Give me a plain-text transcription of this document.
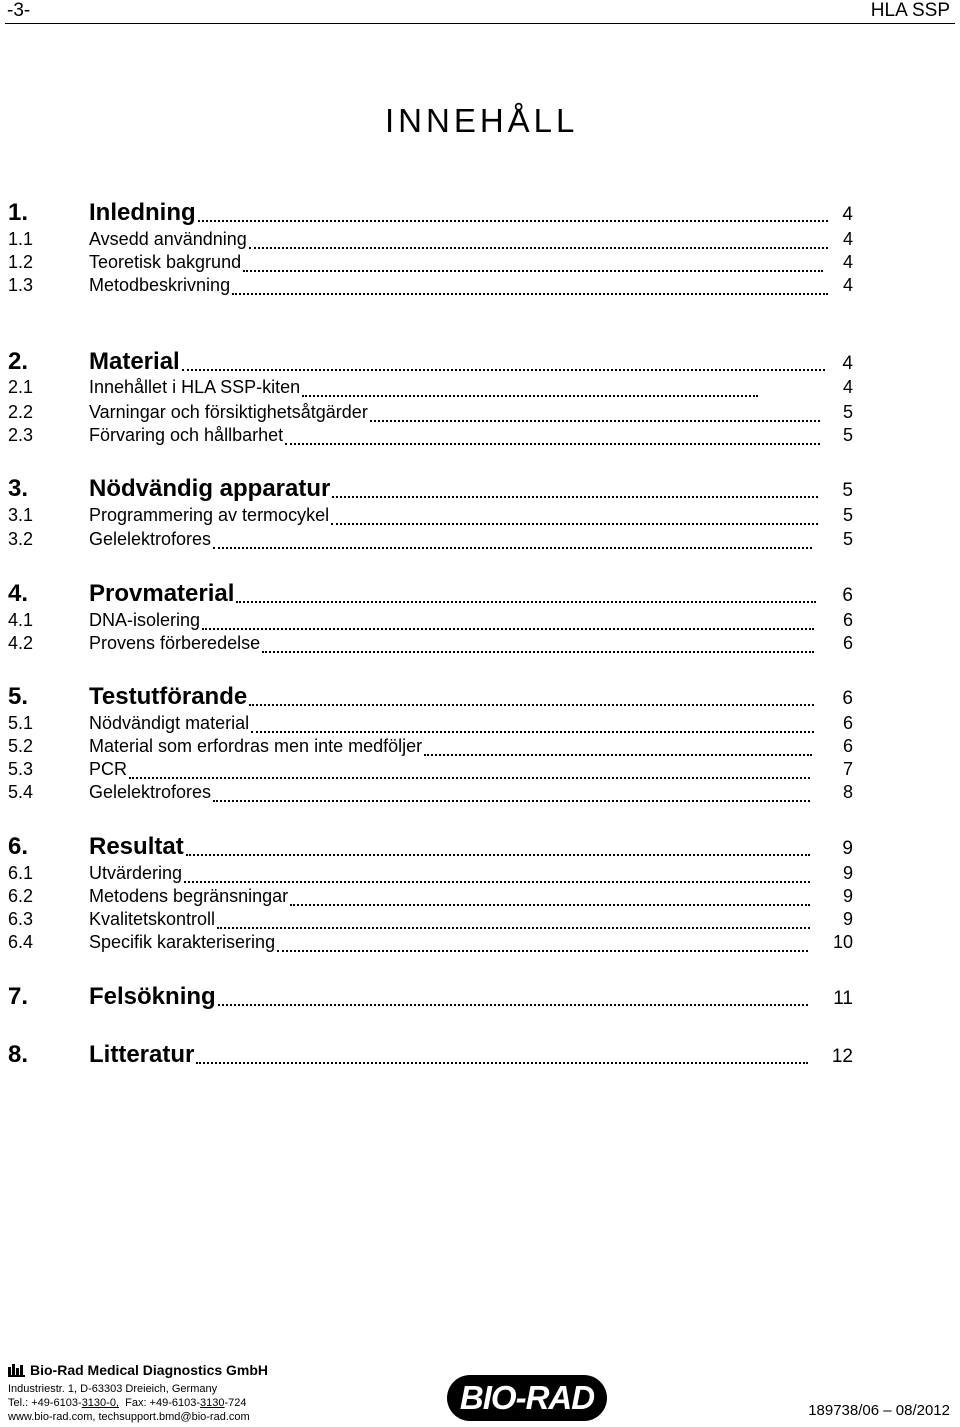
-3-	HLA SSP
INNEHÅLL
1.	Inledning	4
1.1	Avsedd användning	4
1.2	Teoretisk bakgrund	4
1.3	Metodbeskrivning	4
2.	Material	4
2.1	Innehållet i HLA SSP-kiten	4
2.2	Varningar och försiktighetsåtgärder	5
2.3	Förvaring och hållbarhet	5
3.	Nödvändig apparatur	5
3.1	Programmering av termocykel	5
3.2	Gelelektrofores	5
4.	Provmaterial	6
4.1	DNA-isolering	6
4.2	Provens förberedelse	6
5.	Testutförande	6
5.1	Nödvändigt material	6
5.2	Material som erfordras men inte medföljer	6
5.3	PCR	7
5.4	Gelelektrofores	8
6.	Resultat	9
6.1	Utvärdering	9
6.2	Metodens begränsningar	9
6.3	Kvalitetskontroll	9
6.4	Specifik karakterisering	10
7.	Felsökning	11
8.	Litteratur	12
Bio-Rad Medical Diagnostics GmbH
Industriestr. 1, D-63303 Dreieich, Germany
Tel.: +49-6103-3130-0,  Fax: +49-6103-3130-724
www.bio-rad.com, techsupport.bmd@bio-rad.com
BIO-RAD	189738/06 – 08/2012
